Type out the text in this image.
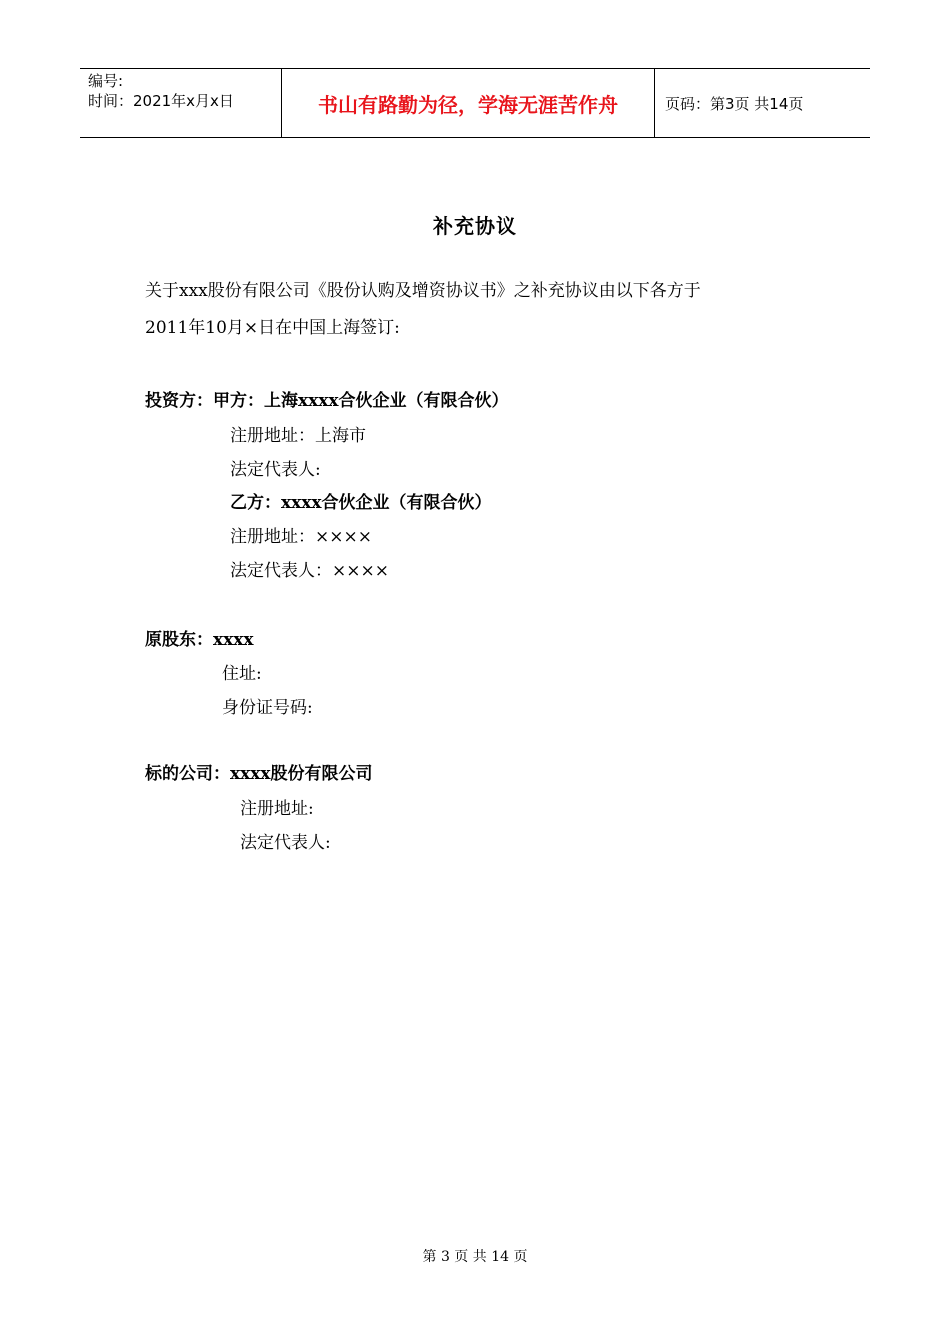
编号:
时间：2021年x月x日	书山有路勤为径，学海无涯苦作舟	页码：第3页 共14页
补充协议
关于xxx股份有限公司《股份认购及增资协议书》之补充协议由以下各方于
2011年10月×日在中国上海签订:
投资方：甲方：上海xxxx合伙企业（有限合伙）
注册地址：上海市
法定代表人:
乙方：xxxx合伙企业（有限合伙）
注册地址：××××
法定代表人：××××
原股东：xxxx
住址:
身份证号码:
标的公司：xxxx股份有限公司
注册地址:
法定代表人:
第 3 页 共 14 页
